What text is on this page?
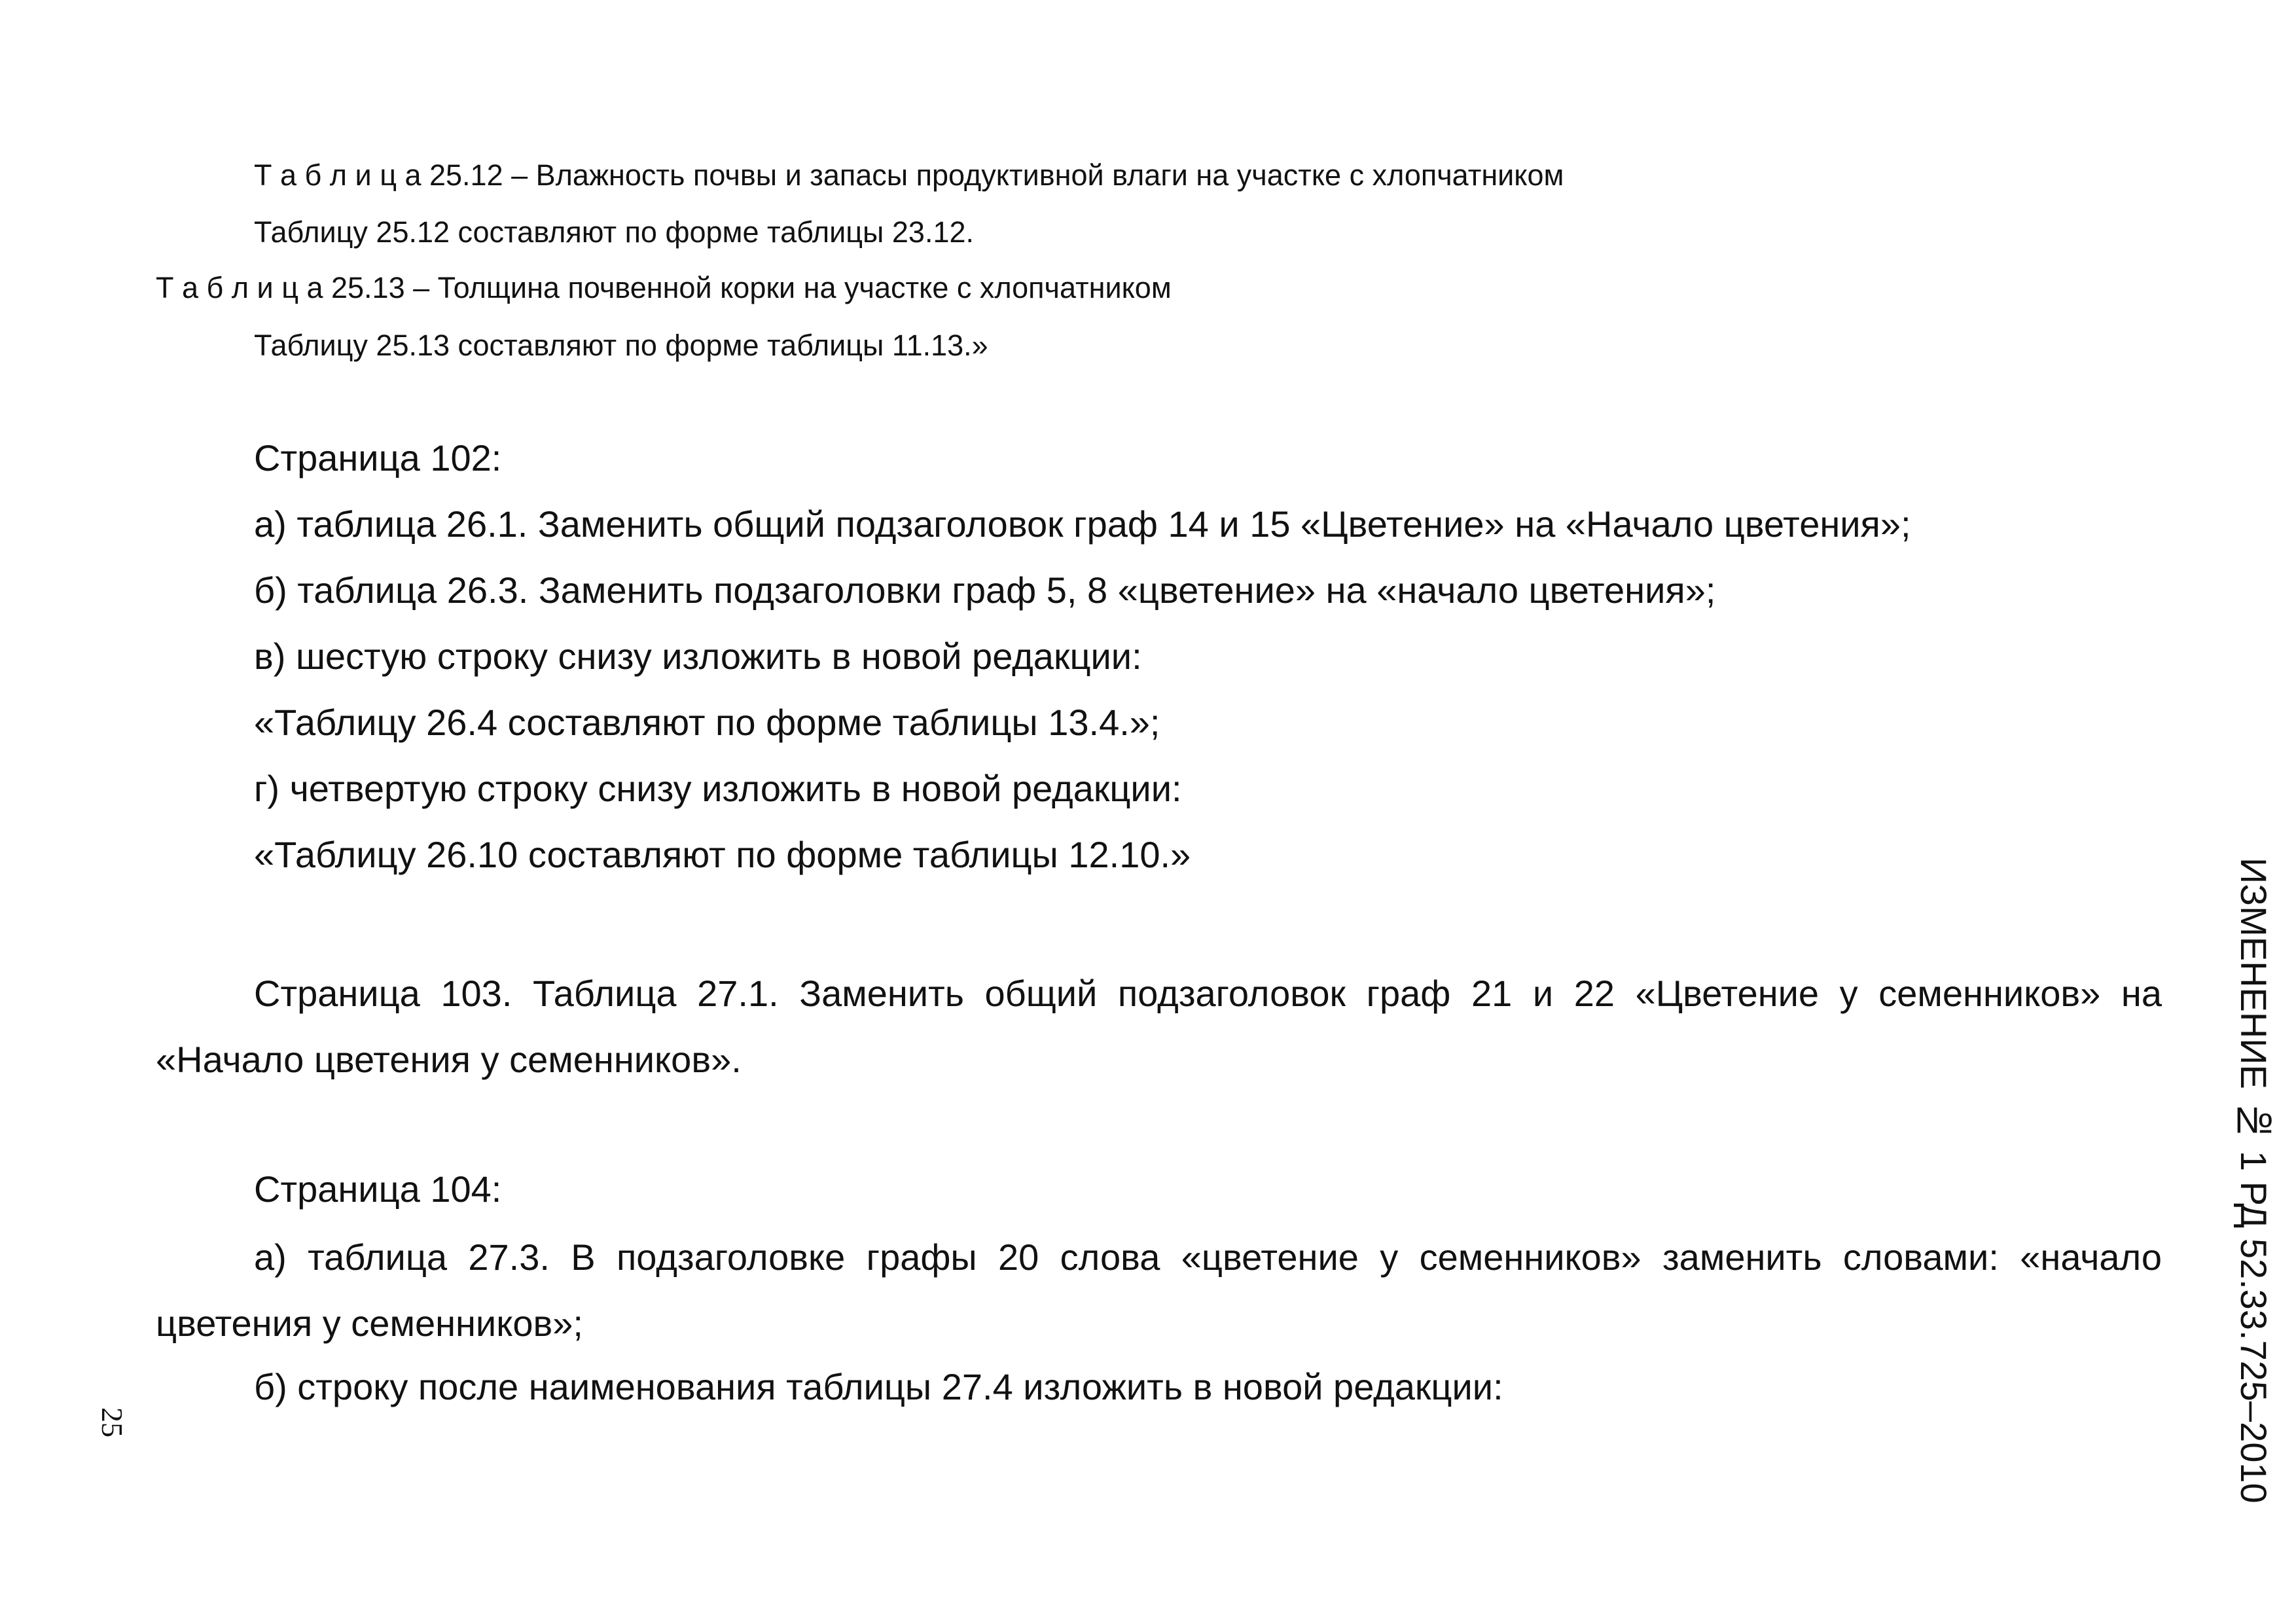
Т а б л и ц а 25.12 – Влажность почвы и запасы продуктивной влаги на участке с хлопчатником

Таблицу 25.12 составляют по форме таблицы 23.12.

Т а б л и ц а 25.13 – Толщина почвенной корки на участке с хлопчатником

Таблицу 25.13 составляют по форме таблицы 11.13.»

Страница 102:

а) таблица 26.1. Заменить общий подзаголовок граф 14 и 15 «Цветение» на «Начало цветения»;

б) таблица 26.3. Заменить подзаголовки граф 5, 8 «цветение» на «начало цветения»;

в) шестую строку снизу изложить в новой редакции:

«Таблицу 26.4 составляют по форме таблицы 13.4.»;

г) четвертую строку снизу изложить в новой редакции:

«Таблицу 26.10 составляют по форме таблицы 12.10.»

Страница 103. Таблица 27.1. Заменить общий подзаголовок граф 21 и 22 «Цветение у семенников» на «Начало цветения у семенников».

Страница 104:

а) таблица 27.3. В подзаголовке графы 20 слова «цветение у семенников» заменить словами: «начало цветения у семенников»;

б) строку после наименования таблицы 27.4 изложить в новой редакции:	ИЗМЕНЕНИЕ № 1 РД 52.33.725–2010

25
